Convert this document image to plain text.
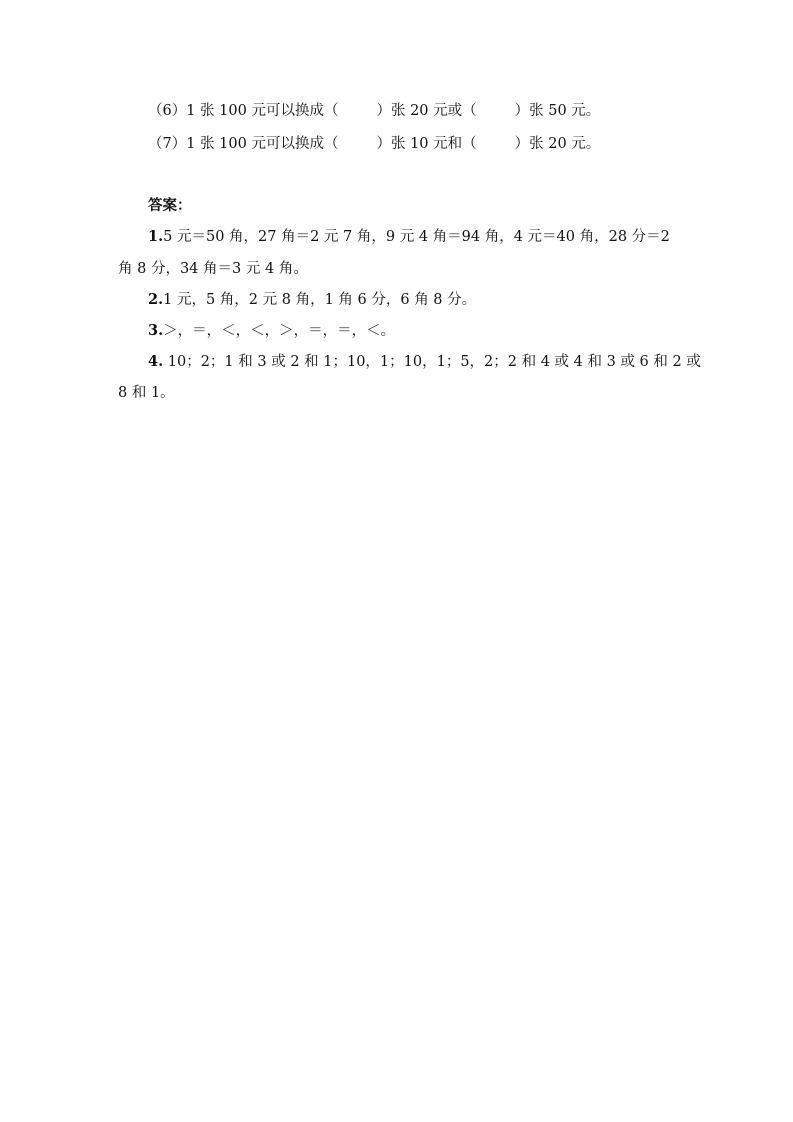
（6）1 张 100 元可以换成（	）张 20 元或（	）张 50 元。
（7）1 张 100 元可以换成（	）张 10 元和（	）张 20 元。
答案：
1.5 元＝50 角，27 角＝2 元 7 角，9 元 4 角＝94 角，4 元＝40 角，28 分＝2
角 8 分，34 角＝3 元 4 角。
2.1 元，5 角，2 元 8 角，1 角 6 分，6 角 8 分。
3.＞，＝，＜，＜，＞，＝，＝，＜。
4. 10；2；1 和 3 或 2 和 1；10，1；10，1；5，2；2 和 4 或 4 和 3 或 6 和 2 或
8 和 1。
